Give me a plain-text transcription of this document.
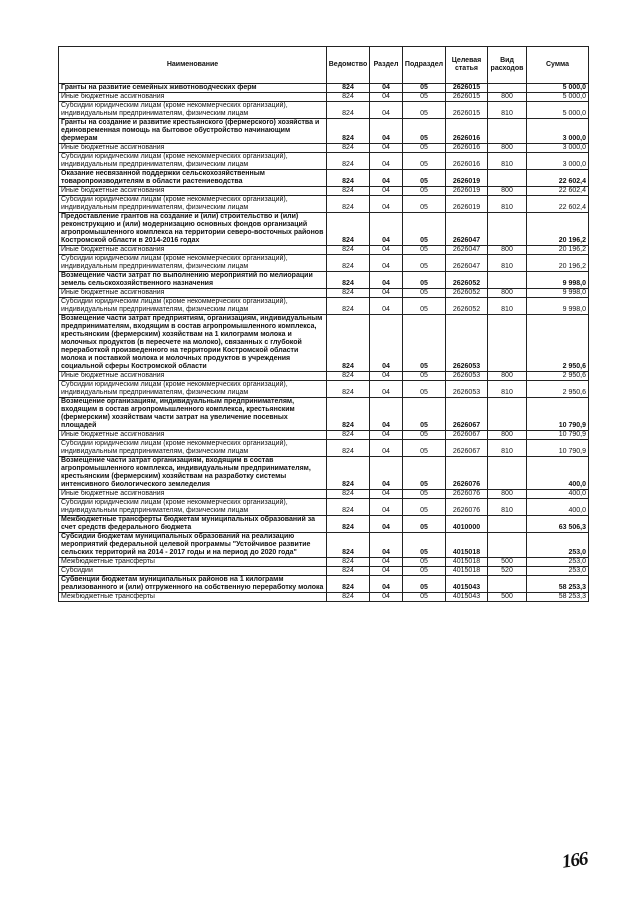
Наименование	Ведомство	Раздел	Подраздел	Целевая статья	Вид расходов	Сумма
Гранты на развитие семейных животноводческих ферм	824	04	05	2626015		5 000,0
Иные бюджетные ассигнования	824	04	05	2626015	800	5 000,0
Субсидии юридическим лицам (кроме некоммерческих организаций), индивидуальным предпринимателям, физическим лицам	824	04	05	2626015	810	5 000,0
Гранты на создание и развитие крестьянского (фермерского) хозяйства и единовременная помощь на бытовое обустройство начинающим фермерам	824	04	05	2626016		3 000,0
Иные бюджетные ассигнования	824	04	05	2626016	800	3 000,0
Субсидии юридическим лицам (кроме некоммерческих организаций), индивидуальным предпринимателям, физическим лицам	824	04	05	2626016	810	3 000,0
Оказание несвязанной поддержки сельскохозяйственным товаропроизводителям в области растениеводства	824	04	05	2626019		22 602,4
Иные бюджетные ассигнования	824	04	05	2626019	800	22 602,4
Субсидии юридическим лицам (кроме некоммерческих организаций), индивидуальным предпринимателям, физическим лицам	824	04	05	2626019	810	22 602,4
Предоставление грантов на создание и (или) строительство и (или) реконструкцию и (или) модернизацию основных фондов организаций агропромышленного комплекса на территории северо-восточных районов Костромской области в 2014-2016 годах	824	04	05	2626047		20 196,2
Иные бюджетные ассигнования	824	04	05	2626047	800	20 196,2
Субсидии юридическим лицам (кроме некоммерческих организаций), индивидуальным предпринимателям, физическим лицам	824	04	05	2626047	810	20 196,2
Возмещение части затрат по выполнению мероприятий по мелиорации земель сельскохозяйственного назначения	824	04	05	2626052		9 998,0
Иные бюджетные ассигнования	824	04	05	2626052	800	9 998,0
Субсидии юридическим лицам (кроме некоммерческих организаций), индивидуальным предпринимателям, физическим лицам	824	04	05	2626052	810	9 998,0
Возмещение части затрат предприятиям, организациям, индивидуальным предпринимателям, входящим в состав агропромышленного комплекса, крестьянским (фермерским) хозяйствам на 1 килограмм молока и молочных продуктов (в пересчете на молоко), связанных с глубокой переработкой произведенного на территории Костромской области молока и поставкой молока и молочных продуктов в учреждения социальной сферы Костромской области	824	04	05	2626053		2 950,6
Иные бюджетные ассигнования	824	04	05	2626053	800	2 950,6
Субсидии юридическим лицам (кроме некоммерческих организаций), индивидуальным предпринимателям, физическим лицам	824	04	05	2626053	810	2 950,6
Возмещение организациям, индивидуальным предпринимателям, входящим в состав агропромышленного комплекса, крестьянским (фермерским) хозяйствам части затрат на увеличение посевных площадей	824	04	05	2626067		10 790,9
Иные бюджетные ассигнования	824	04	05	2626067	800	10 790,9
Субсидии юридическим лицам (кроме некоммерческих организаций), индивидуальным предпринимателям, физическим лицам	824	04	05	2626067	810	10 790,9
Возмещение части затрат организациям, входящим в состав агропромышленного комплекса, индивидуальным предпринимателям, крестьянским (фермерским) хозяйствам на разработку системы интенсивного биологического земледелия	824	04	05	2626076		400,0
Иные бюджетные ассигнования	824	04	05	2626076	800	400,0
Субсидии юридическим лицам (кроме некоммерческих организаций), индивидуальным предпринимателям, физическим лицам	824	04	05	2626076	810	400,0
Межбюджетные трансферты бюджетам муниципальных образований за счет средств федерального бюджета	824	04	05	4010000		63 506,3
Субсидии бюджетам муниципальных образований на реализацию мероприятий федеральной целевой программы "Устойчивое развитие сельских территорий на 2014 - 2017 годы и на период до 2020 года"	824	04	05	4015018		253,0
Межбюджетные трансферты	824	04	05	4015018	500	253,0
Субсидии	824	04	05	4015018	520	253,0
Субвенции бюджетам муниципальных районов на 1 килограмм реализованного и (или) отгруженного на собственную переработку молока	824	04	05	4015043		58 253,3
Межбюджетные трансферты	824	04	05	4015043	500	58 253,3
166
